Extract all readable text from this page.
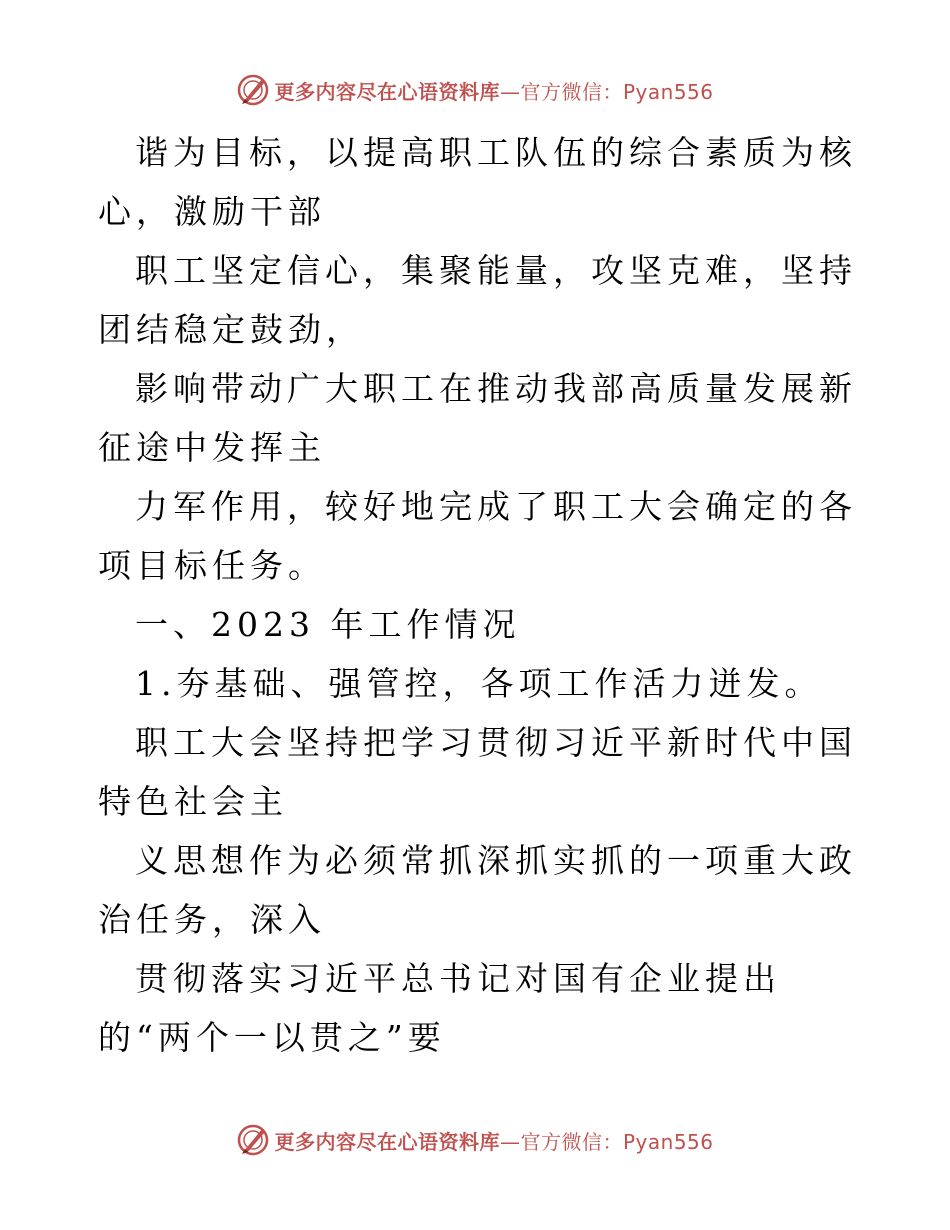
更多内容尽在心语资料库—官方微信：Pyan556

谐为目标，以提高职工队伍的综合素质为核心，激励干部

职工坚定信心，集聚能量，攻坚克难，坚持团结稳定鼓劲，

影响带动广大职工在推动我部高质量发展新征途中发挥主

力军作用，较好地完成了职工大会确定的各项目标任务。

一、2023 年工作情况

1.夯基础、强管控，各项工作活力迸发。

职工大会坚持把学习贯彻习近平新时代中国特色社会主

义思想作为必须常抓深抓实抓的一项重大政治任务，深入

贯彻落实习近平总书记对国有企业提出的“两个一以贯之”要

更多内容尽在心语资料库—官方微信：Pyan556
